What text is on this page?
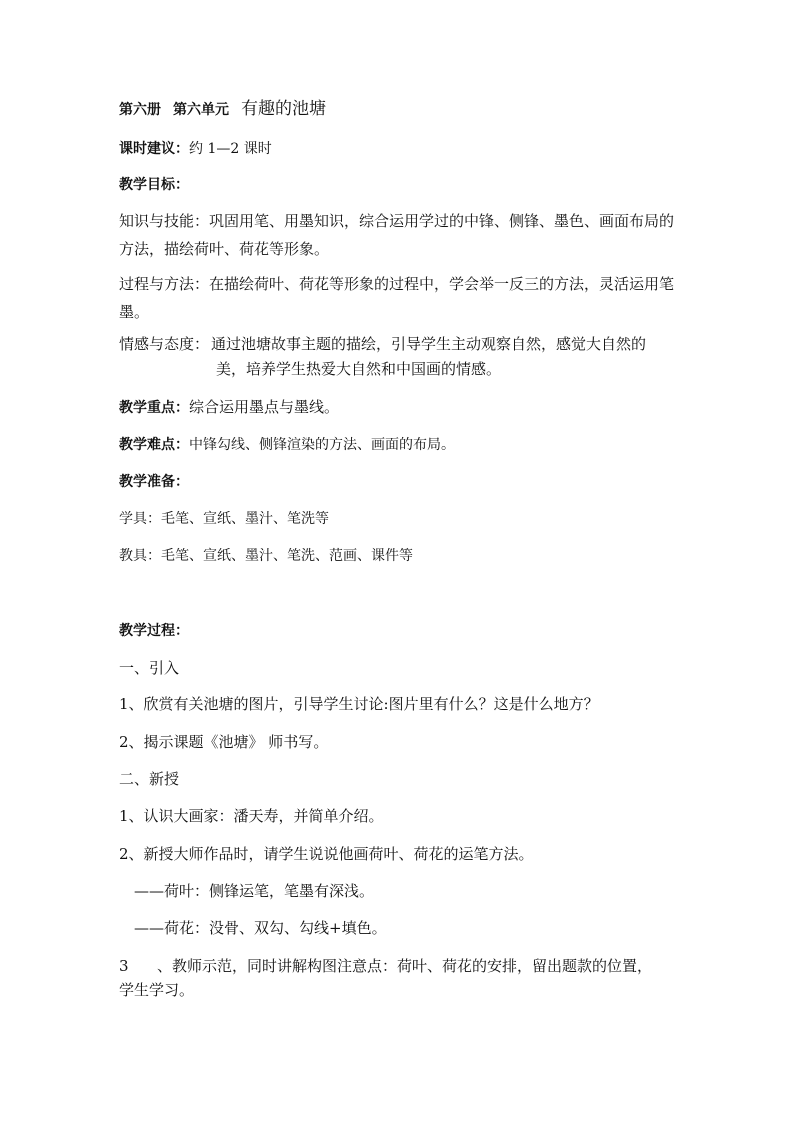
第六册 第六单元 有趣的池塘
课时建议：约 1—2 课时
教学目标：
知识与技能：巩固用笔、用墨知识，综合运用学过的中锋、侧锋、墨色、画面布局的方法，描绘荷叶、荷花等形象。
过程与方法：在描绘荷叶、荷花等形象的过程中，学会举一反三的方法，灵活运用笔墨。
情感与态度： 通过池塘故事主题的描绘，引导学生主动观察自然，感觉大自然的
美，培养学生热爱大自然和中国画的情感。
教学重点：综合运用墨点与墨线。
教学难点：中锋勾线、侧锋渲染的方法、画面的布局。
教学准备：
学具：毛笔、宣纸、墨汁、笔洗等
教具：毛笔、宣纸、墨汁、笔洗、范画、课件等
教学过程：
一、引入
1、欣赏有关池塘的图片，引导学生讨论:图片里有什么？这是什么地方？
2、揭示课题《池塘》 师书写。
二、新授
1、认识大画家：潘天寿，并简单介绍。
2、新授大师作品时，请学生说说他画荷叶、荷花的运笔方法。
——荷叶：侧锋运笔，笔墨有深浅。
——荷花：没骨、双勾、勾线+填色。
3 、教师示范，同时讲解构图注意点：荷叶、荷花的安排，留出题款的位置，
学生学习。
